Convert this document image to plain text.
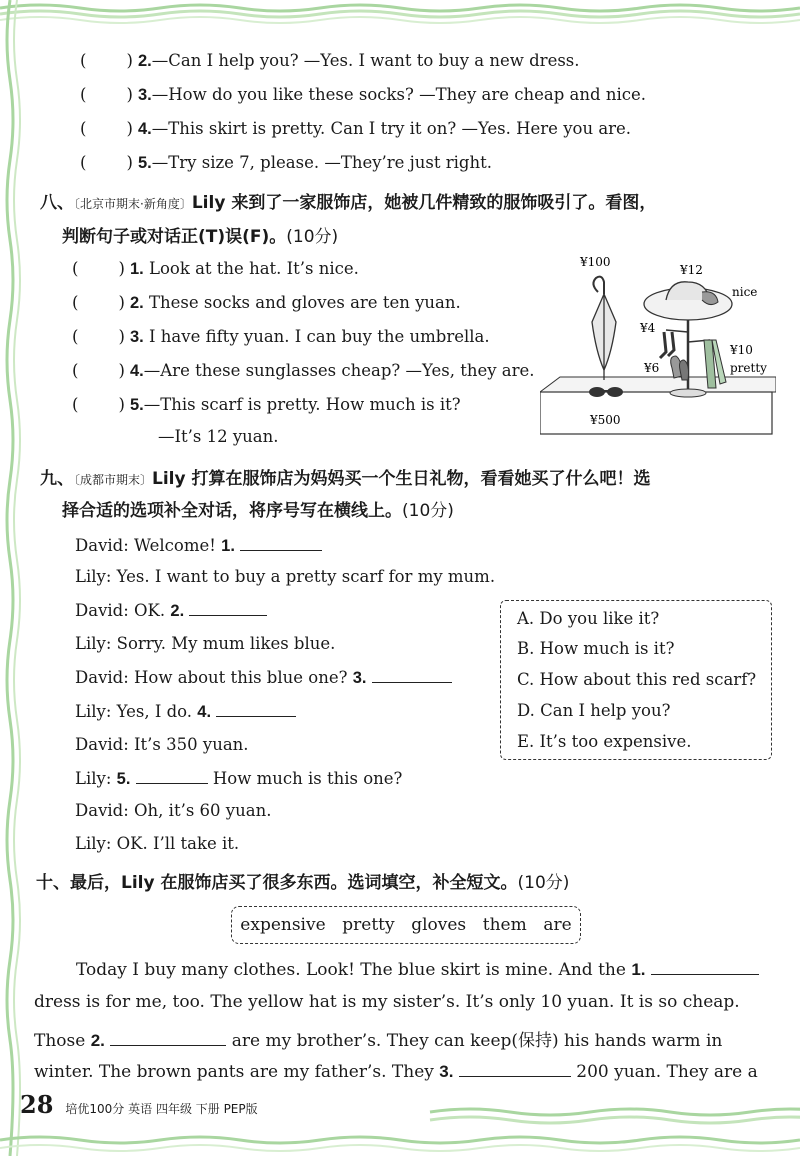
( ) 2.—Can I help you? —Yes. I want to buy a new dress.
( ) 3.—How do you like these socks? —They are cheap and nice.
( ) 4.—This skirt is pretty. Can I try it on? —Yes. Here you are.
( ) 5.—Try size 7, please. —They’re just right.
八、〔北京市期末·新角度〕Lily 来到了一家服饰店，她被几件精致的服饰吸引了。看图，
判断句子或对话正(T)误(F)。(10分)
( ) 1. Look at the hat. It’s nice.
( ) 2. These socks and gloves are ten yuan.
( ) 3. I have fifty yuan. I can buy the umbrella.
( ) 4.—Are these sunglasses cheap? —Yes, they are.
( ) 5.—This scarf is pretty. How much is it?
—It’s 12 yuan.
¥100
¥12
nice
¥4
¥10
¥6	pretty
¥500
九、〔成都市期末〕Lily 打算在服饰店为妈妈买一个生日礼物，看看她买了什么吧！选
择合适的选项补全对话，将序号写在横线上。(10分)
David: Welcome! 1.
Lily: Yes. I want to buy a pretty scarf for my mum.
David: OK. 2.
Lily: Sorry. My mum likes blue.
David: How about this blue one? 3.
Lily: Yes, I do. 4.
David: It’s 350 yuan.
Lily: 5.	How much is this one?
David: Oh, it’s 60 yuan.
Lily: OK. I’ll take it.
A. Do you like it?
B. How much is it?
C. How about this red scarf?
D. Can I help you?
E. It’s too expensive.
十、最后，Lily 在服饰店买了很多东西。选词填空，补全短文。(10分)
expensive pretty gloves them are
Today I buy many clothes. Look! The blue skirt is mine. And the 1.
dress is for me, too. The yellow hat is my sister’s. It’s only 10 yuan. It is so cheap.
Those 2.	are my brother’s. They can keep(保持) his hands warm in
winter. The brown pants are my father’s. They 3.	200 yuan. They are a
28 培优100分 英语 四年级 下册 PEP版
